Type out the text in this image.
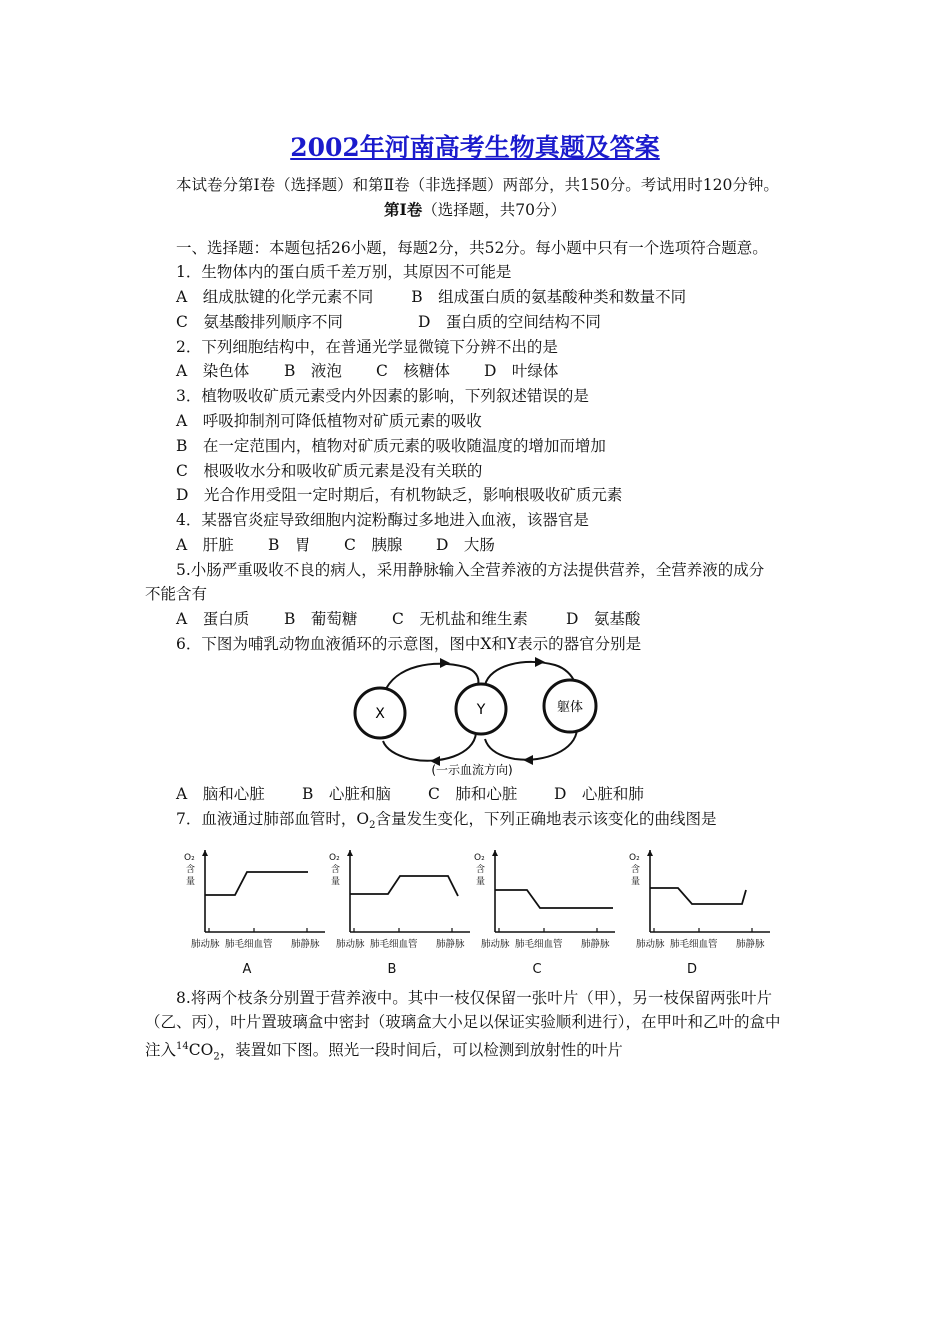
2002年河南高考生物真题及答案
本试卷分第Ⅰ卷（选择题）和第Ⅱ卷（非选择题）两部分，共150分。考试用时120分钟。
第Ⅰ卷（选择题，共70分）
一、选择题：本题包括26小题，每题2分，共52分。每小题中只有一个选项符合题意。
1．生物体内的蛋白质千差万别，其原因不可能是
A　组成肽键的化学元素不同 B　组成蛋白质的氨基酸种类和数量不同
C　氨基酸排列顺序不同	D　蛋白质的空间结构不同
2．下列细胞结构中，在普通光学显微镜下分辨不出的是
A　染色体 B　液泡 C　核糖体 D　叶绿体
3．植物吸收矿质元素受内外因素的影响，下列叙述错误的是
A　呼吸抑制剂可降低植物对矿质元素的吸收
B　在一定范围内，植物对矿质元素的吸收随温度的增加而增加
C　根吸收水分和吸收矿质元素是没有关联的
D　光合作用受阻一定时期后，有机物缺乏，影响根吸收矿质元素
4．某器官炎症导致细胞内淀粉酶过多地进入血液，该器官是
A　肝脏 B　胃 C　胰腺 D　大肠
5.小肠严重吸收不良的病人，采用静脉输入全营养液的方法提供营养，全营养液的成分
不能含有
A　蛋白质 B　葡萄糖 C　无机盐和维生素 D　氨基酸
6．下图为哺乳动物血液循环的示意图，图中X和Y表示的器官分别是
X	Y	躯体
(一示血流方向)
A　脑和心脏 B　心脏和脑 C　肺和心脏 D　心脏和肺
7．血液通过肺部血管时，$O_2$含量发生变化，下列正确地表示该变化的曲线图是
O₂
含
量
肺动脉 肺毛细血管 肺静脉
A
O₂
含
量
肺动脉 肺毛细血管 肺静脉
B
O₂
含
量
肺动脉 肺毛细血管 肺静脉
C
O₂
含
量
肺动脉 肺毛细血管 肺静脉
D
8.将两个枝条分别置于营养液中。其中一枝仅保留一张叶片（甲），另一枝保留两张叶片
（乙、丙），叶片置玻璃盒中密封（玻璃盒大小足以保证实验顺利进行），在甲叶和乙叶的盒中
注入$^{14}CO_2$，装置如下图。照光一段时间后，可以检测到放射性的叶片
